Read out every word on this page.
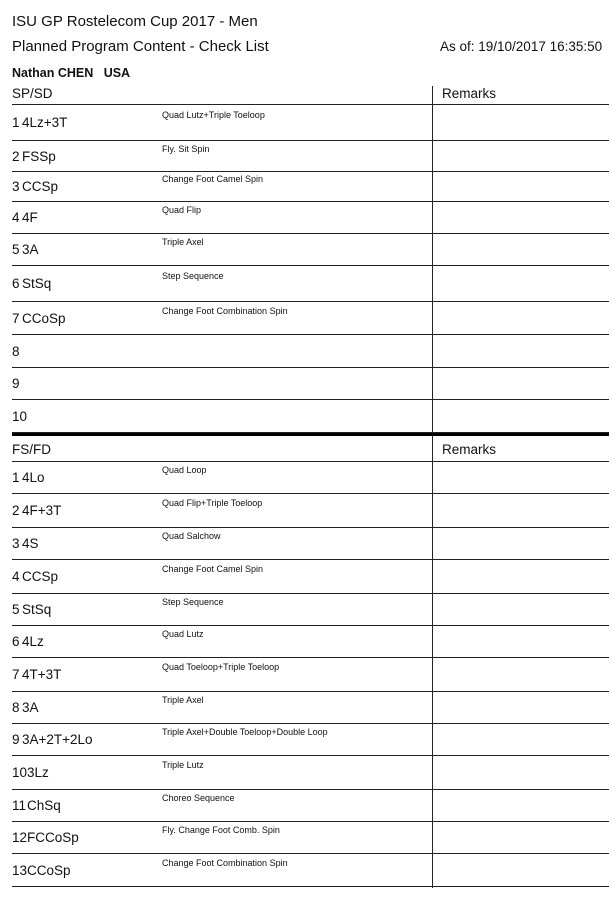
ISU GP Rostelecom Cup 2017 - Men
Planned Program Content - Check List	As of: 19/10/2017 16:35:50
Nathan CHEN USA
SP/SD	Remarks
1 4Lz+3T	Quad Lutz+Triple Toeloop
2 FSSp	Fly. Sit Spin
3 CCSp	Change Foot Camel Spin
4 4F	Quad Flip
5 3A	Triple Axel
6 StSq	Step Sequence
7 CCoSp	Change Foot Combination Spin
8
9
10
FS/FD	Remarks
1 4Lo	Quad Loop
2 4F+3T	Quad Flip+Triple Toeloop
3 4S	Quad Salchow
4 CCSp	Change Foot Camel Spin
5 StSq	Step Sequence
6 4Lz	Quad Lutz
7 4T+3T	Quad Toeloop+Triple Toeloop
8 3A	Triple Axel
9 3A+2T+2Lo	Triple Axel+Double Toeloop+Double Loop
10 3Lz	Triple Lutz
11 ChSq	Choreo Sequence
12 FCCoSp	Fly. Change Foot Comb. Spin
13 CCoSp	Change Foot Combination Spin
